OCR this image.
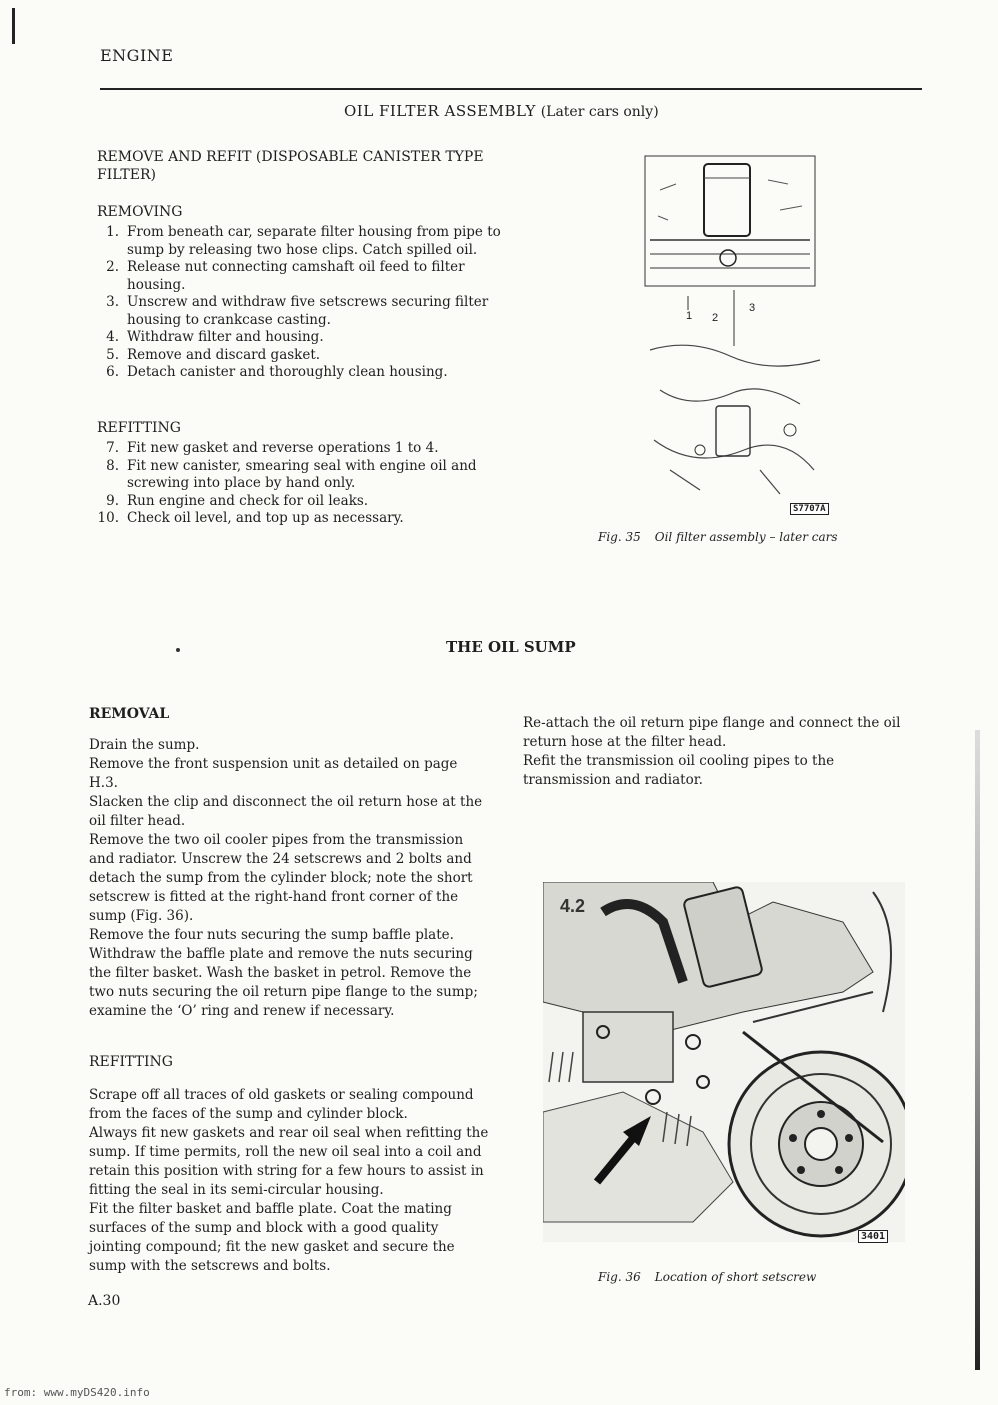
ENGINE
OIL FILTER ASSEMBLY (Later cars only)
REMOVE AND REFIT (DISPOSABLE CANISTER TYPE
FILTER)
REMOVING
1. From beneath car, separate filter housing from pipe to
sump by releasing two hose clips. Catch spilled oil.
2. Release nut connecting camshaft oil feed to filter
housing.
3. Unscrew and withdraw five setscrews securing filter
housing to crankcase casting.
4. Withdraw filter and housing.
5. Remove and discard gasket.
6. Detach canister and thoroughly clean housing.
REFITTING
7. Fit new gasket and reverse operations 1 to 4.
8. Fit new canister, smearing seal with engine oil and
screwing into place by hand only.
9. Run engine and check for oil leaks.
10. Check oil level, and top up as necessary.
1 2
3
S7707A
Fig. 35 Oil filter assembly – later cars
THE OIL SUMP
REMOVAL

Drain the sump.

Remove the front suspension unit as detailed on page H.3.

Slacken the clip and disconnect the oil return hose at the oil filter head.

Remove the two oil cooler pipes from the transmission and radiator. Unscrew the 24 setscrews and 2 bolts and detach the sump from the cylinder block; note the short setscrew is fitted at the right-hand front corner of the sump (Fig. 36).

Remove the four nuts securing the sump baffle plate.

Withdraw the baffle plate and remove the nuts securing the filter basket. Wash the basket in petrol. Remove the two nuts securing the oil return pipe flange to the sump; examine the ‘O’ ring and renew if necessary.

REFITTING

Scrape off all traces of old gaskets or sealing compound from the faces of the sump and cylinder block.

Always fit new gaskets and rear oil seal when refitting the sump. If time permits, roll the new oil seal into a coil and retain this position with string for a few hours to assist in fitting the seal in its semi-circular housing.

Fit the filter basket and baffle plate. Coat the mating surfaces of the sump and block with a good quality jointing compound; fit the new gasket and secure the sump with the setscrews and bolts.

Re-attach the oil return pipe flange and connect the oil return hose at the filter head.

Refit the transmission oil cooling pipes to the transmission and radiator.

4.2
3401
Fig. 36 Location of short setscrew
A.30
from: www.myDS420.info
